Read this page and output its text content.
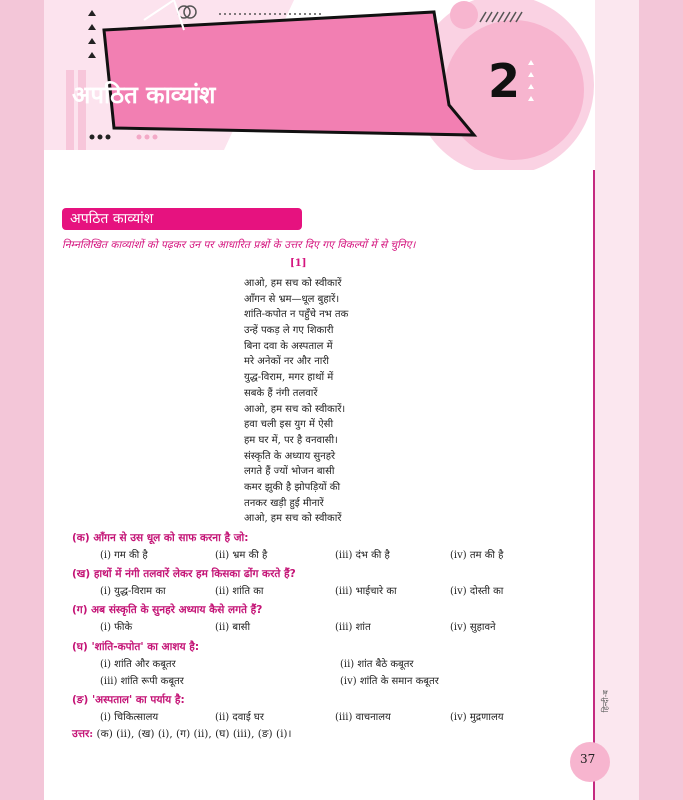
अपठित काव्यांश	2
अपठित काव्यांश
निम्नलिखित काव्यांशों को पढ़कर उन पर आधारित प्रश्नों के उत्तर दिए गए विकल्पों में से चुनिए।
[1]
आओ, हम सच को स्वीकारें
आँगन से भ्रम—धूल बुहारें।
शांति-कपोत न पहुँचे नभ तक
उन्हें पकड़ ले गए शिकारी
बिना दवा के अस्पताल में
मरे अनेकों नर और नारी
युद्ध-विराम, मगर हाथों में
सबके हैं नंगी तलवारें
आओ, हम सच को स्वीकारें।
हवा चली इस युग में ऐसी
हम घर में, पर है वनवासी।
संस्कृति के अध्याय सुनहरे
लगते हैं ज्यों भोजन बासी
कमर झुकी है झोपड़ियों की
तनकर खड़ी हुई मीनारें
आओ, हम सच को स्वीकारें
(क) आँगन से उस धूल को साफ करना है जो:
(i) गम की है	(ii) भ्रम की है	(iii) दंभ की है	(iv) तम की है
(ख) हाथों में नंगी तलवारें लेकर हम किसका ढोंग करते हैं?
(i) युद्ध-विराम का	(ii) शांति का	(iii) भाईचारे का	(iv) दोस्ती का
(ग) अब संस्कृति के सुनहरे अध्याय कैसे लगते हैं?
(i) फीके	(ii) बासी	(iii) शांत	(iv) सुहावने
(घ) 'शांति-कपोत' का आशय है:
(i) शांति और कबूतर	(ii) शांत बैठे कबूतर
(iii) शांति रूपी कबूतर	(iv) शांति के समान कबूतर
(ङ) 'अस्पताल' का पर्याय है:
(i) चिकित्सालय	(ii) दवाई घर	(iii) वाचनालय	(iv) मुद्रणालय
उत्तर: (क) (ii), (ख) (i), (ग) (ii), (घ) (iii), (ङ) (i)।
37
हिन्दी-ब
